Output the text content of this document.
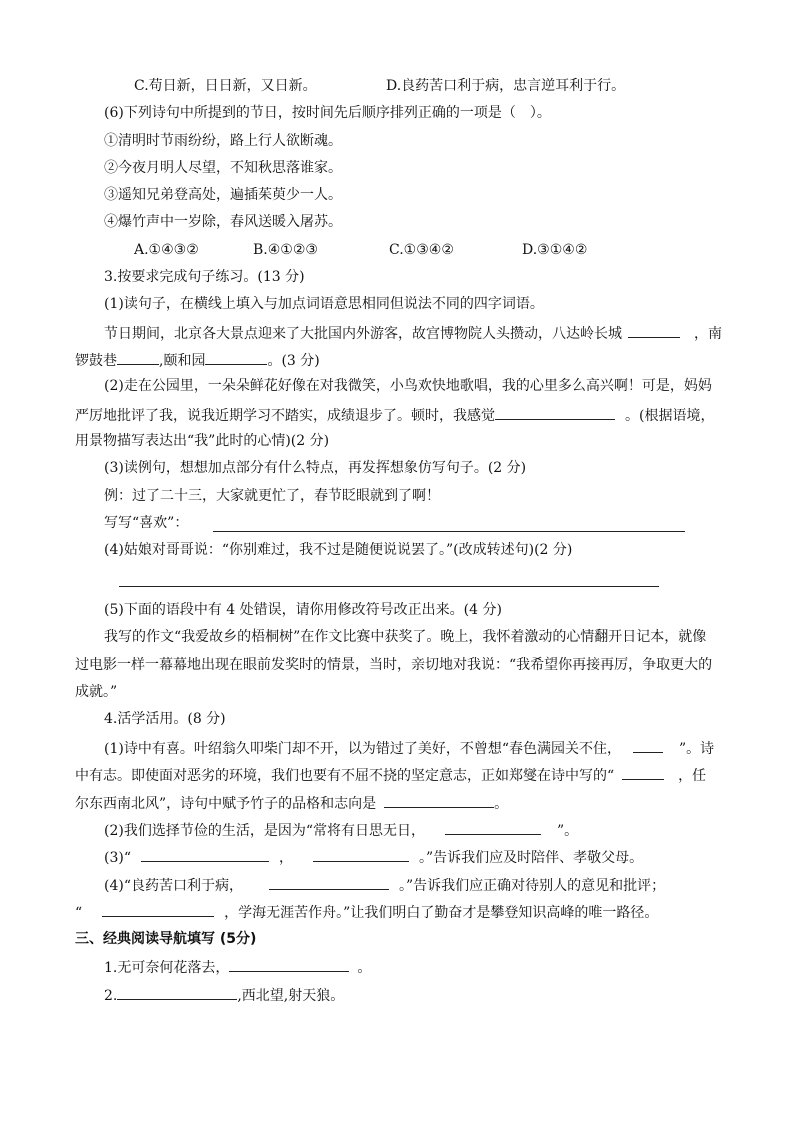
C.苟日新，日日新，又日新。	D.良药苦口利于病，忠言逆耳利于行。
(6)下列诗句中所提到的节日，按时间先后顺序排列正确的一项是（　）。
①清明时节雨纷纷，路上行人欲断魂。
②今夜月明人尽望，不知秋思落谁家。
③遥知兄弟登高处，遍插茱萸少一人。
④爆竹声中一岁除，春风送暖入屠苏。
A.①④③②	B.④①②③	C.①③④②	D.③①④②
3.按要求完成句子练习。(13 分)
(1)读句子，在横线上填入与加点词语意思相同但说法不同的四字词语。
节日期间，北京各大景点迎来了大批国内外游客，故宫博物院人头攒动，八达岭长城	，南
锣鼓巷	,颐和园	。(3 分)
(2)走在公园里，一朵朵鲜花好像在对我微笑，小鸟欢快地歌唱，我的心里多么高兴啊！可是，妈妈
严厉地批评了我，说我近期学习不踏实，成绩退步了。顿时，我感觉	。(根据语境，
用景物描写表达出“我”此时的心情)(2 分)
(3)读例句，想想加点部分有什么特点，再发挥想象仿写句子。(2 分)
例：过了二十三，大家就更忙了，春节眨眼就到了啊！
写写“喜欢”：
(4)姑娘对哥哥说：“你别难过，我不过是随便说说罢了。”(改成转述句)(2 分)
(5)下面的语段中有 4 处错误，请你用修改符号改正出来。(4 分)
我写的作文“我爱故乡的梧桐树”在作文比赛中获奖了。晚上，我怀着激动的心情翻开日记本，就像
过电影一样一幕幕地出现在眼前发奖时的情景，当时，亲切地对我说：“我希望你再接再厉，争取更大的
成就。”
4.活学活用。(8 分)
(1)诗中有喜。叶绍翁久叩柴门却不开，以为错过了美好，不曾想“春色满园关不住，	”。诗
中有志。即使面对恶劣的环境，我们也要有不屈不挠的坚定意志，正如郑燮在诗中写的“	，任
尔东西南北风”，诗句中赋予竹子的品格和志向是	。
(2)我们选择节俭的生活，是因为“常将有日思无日，	”。
(3)“	，	。”告诉我们应及时陪伴、孝敬父母。
(4)“良药苦口利于病，	。”告诉我们应正确对待别人的意见和批评；
“	，学海无涯苦作舟。”让我们明白了勤奋才是攀登知识高峰的唯一路径。
三、经典阅读导航填写 (5分)
1.无可奈何花落去，	。
2.	,西北望,射天狼。
